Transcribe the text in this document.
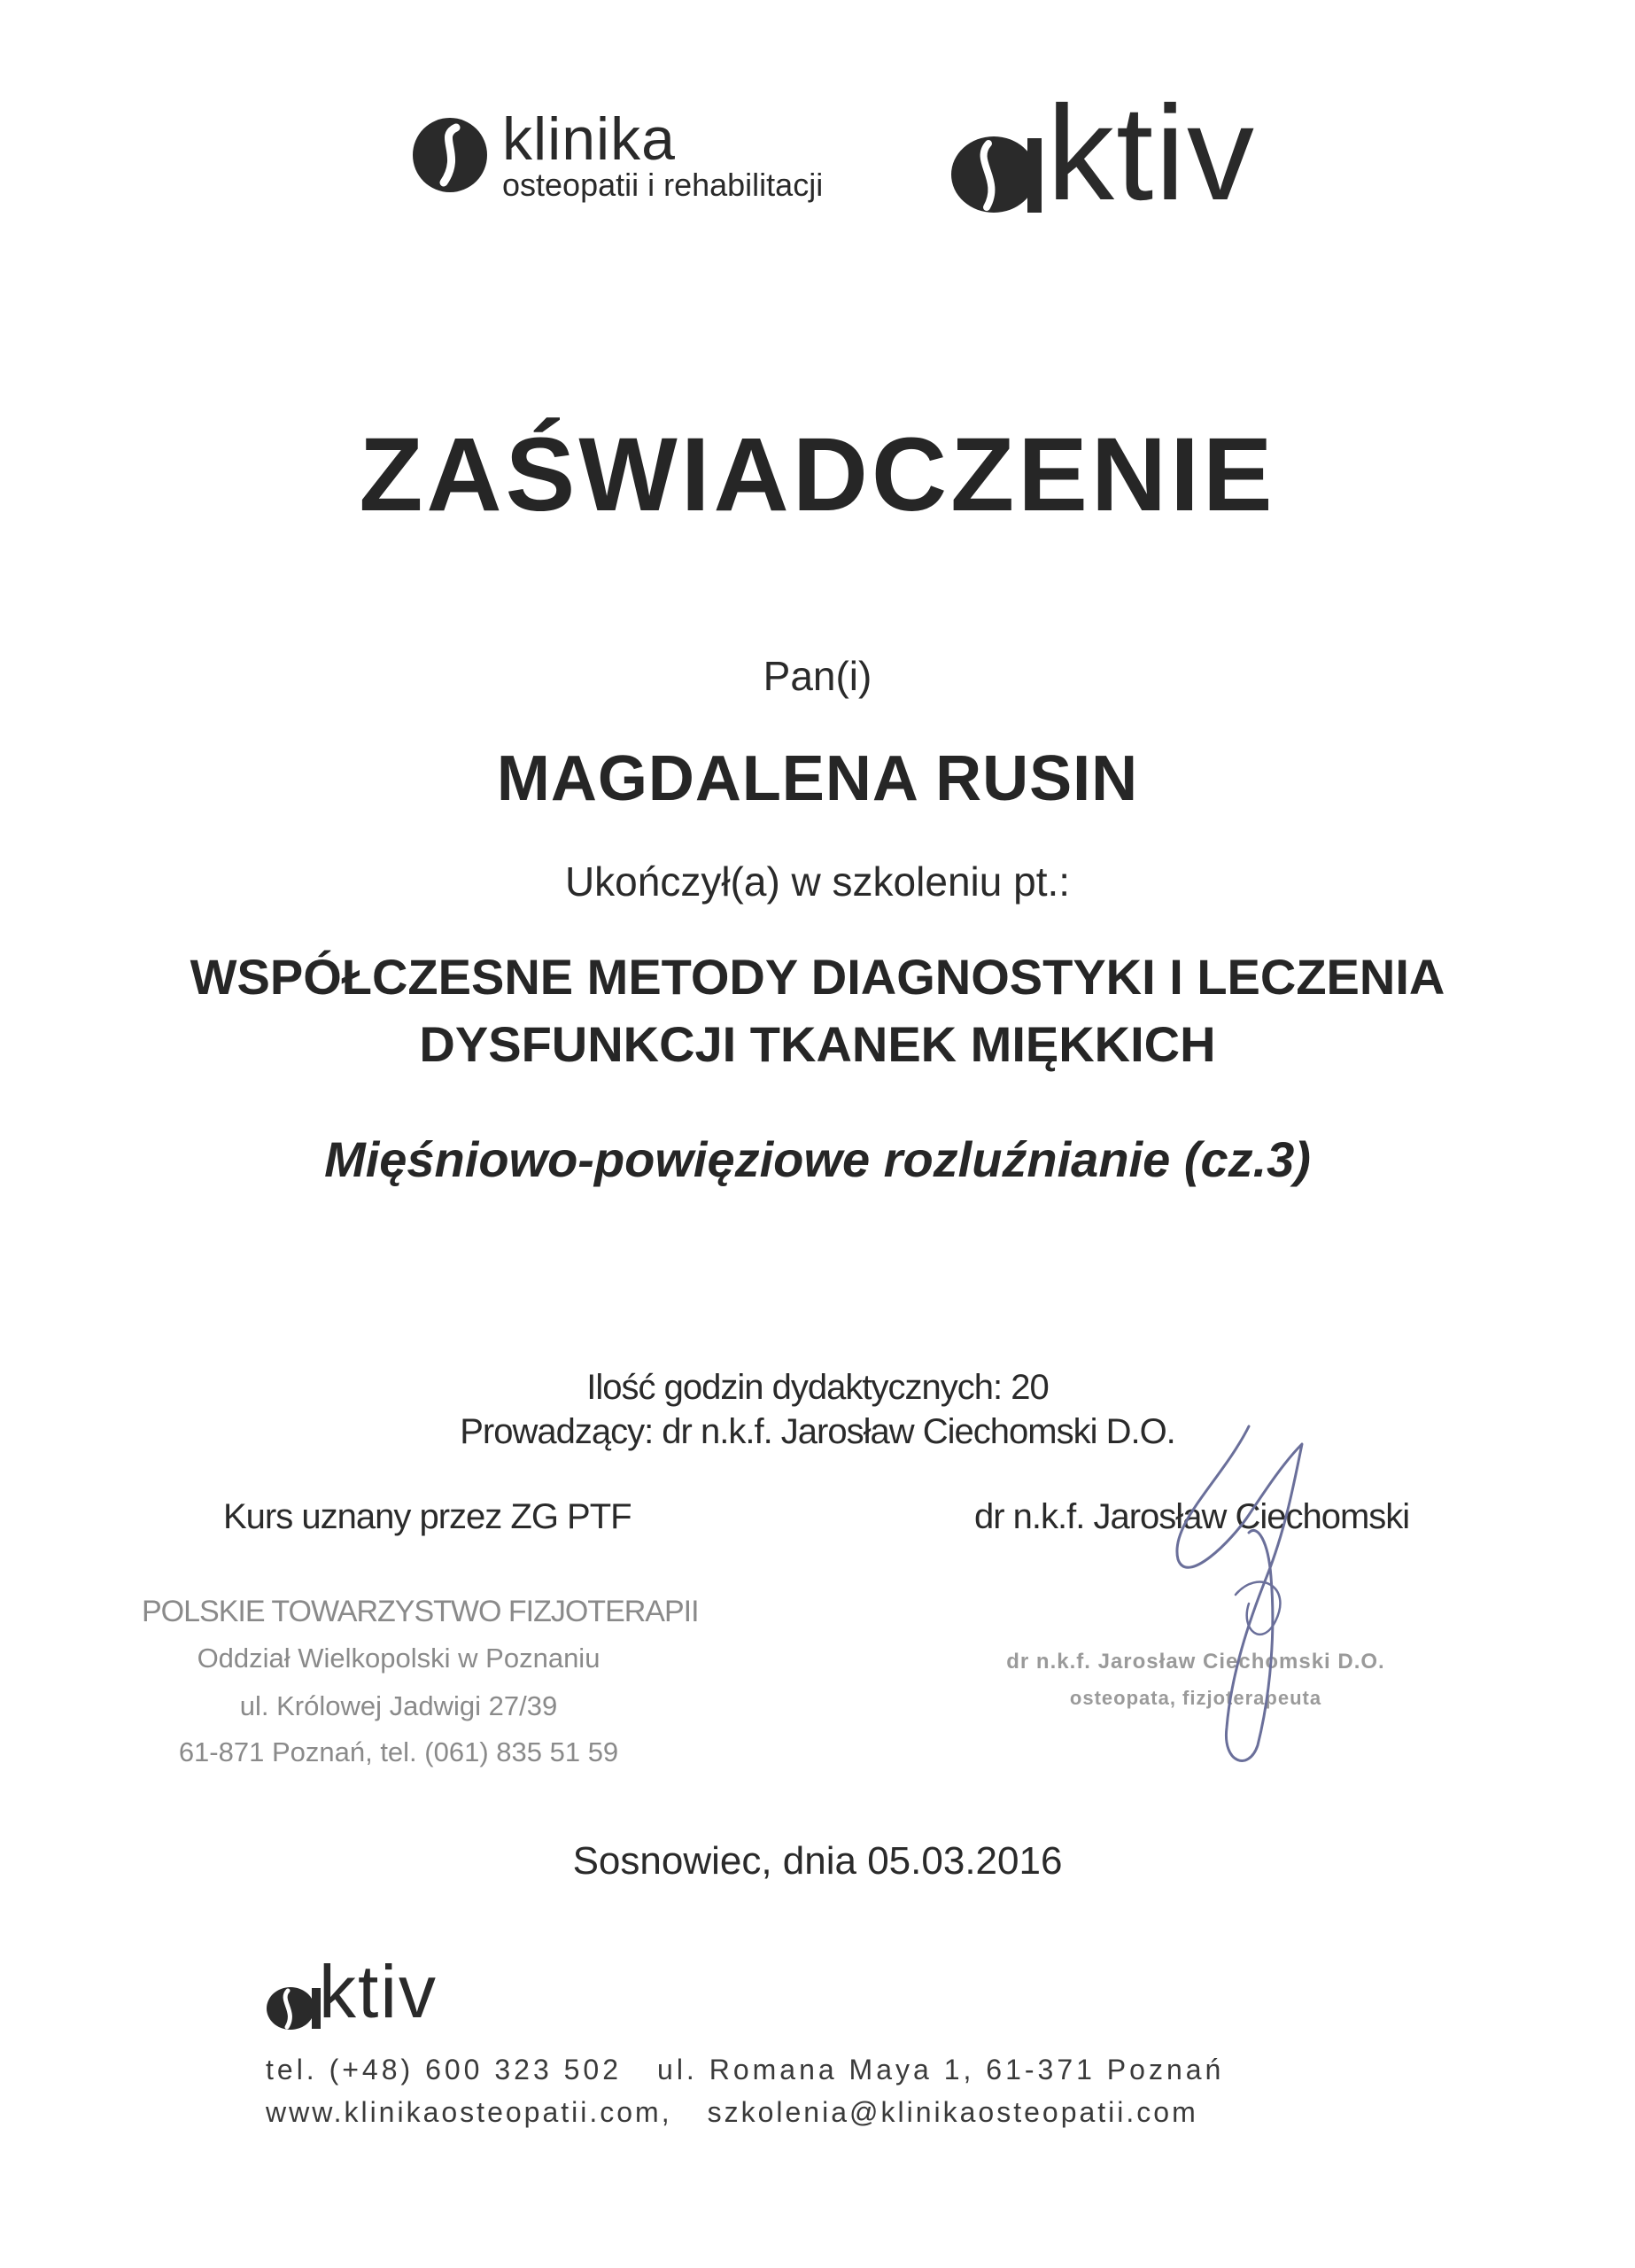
klinika
osteopatii i rehabilitacji ktiv
ZAŚWIADCZENIE
Pan(i)
MAGDALENA RUSIN
Ukończył(a) w szkoleniu pt.:
WSPÓŁCZESNE METODY DIAGNOSTYKI I LECZENIA
DYSFUNKCJI TKANEK MIĘKKICH
Mięśniowo-powięziowe rozluźnianie (cz.3)
Ilość godzin dydaktycznych: 20
Prowadzący: dr n.k.f. Jarosław Ciechomski D.O.
Kurs uznany przez ZG PTF	dr n.k.f. Jarosław Ciechomski
POLSKIE TOWARZYSTWO FIZJOTERAPII
Oddział Wielkopolski w Poznaniu
ul. Królowej Jadwigi 27/39
61-871 Poznań, tel. (061) 835 51 59
dr n.k.f. Jarosław Ciechomski D.O.
osteopata, fizjoterapeuta
Sosnowiec, dnia 05.03.2016
ktiv
tel. (+48) 600 323 502 ul. Romana Maya 1, 61-371 Poznań
www.klinikaosteopatii.com, szkolenia@klinikaosteopatii.com
